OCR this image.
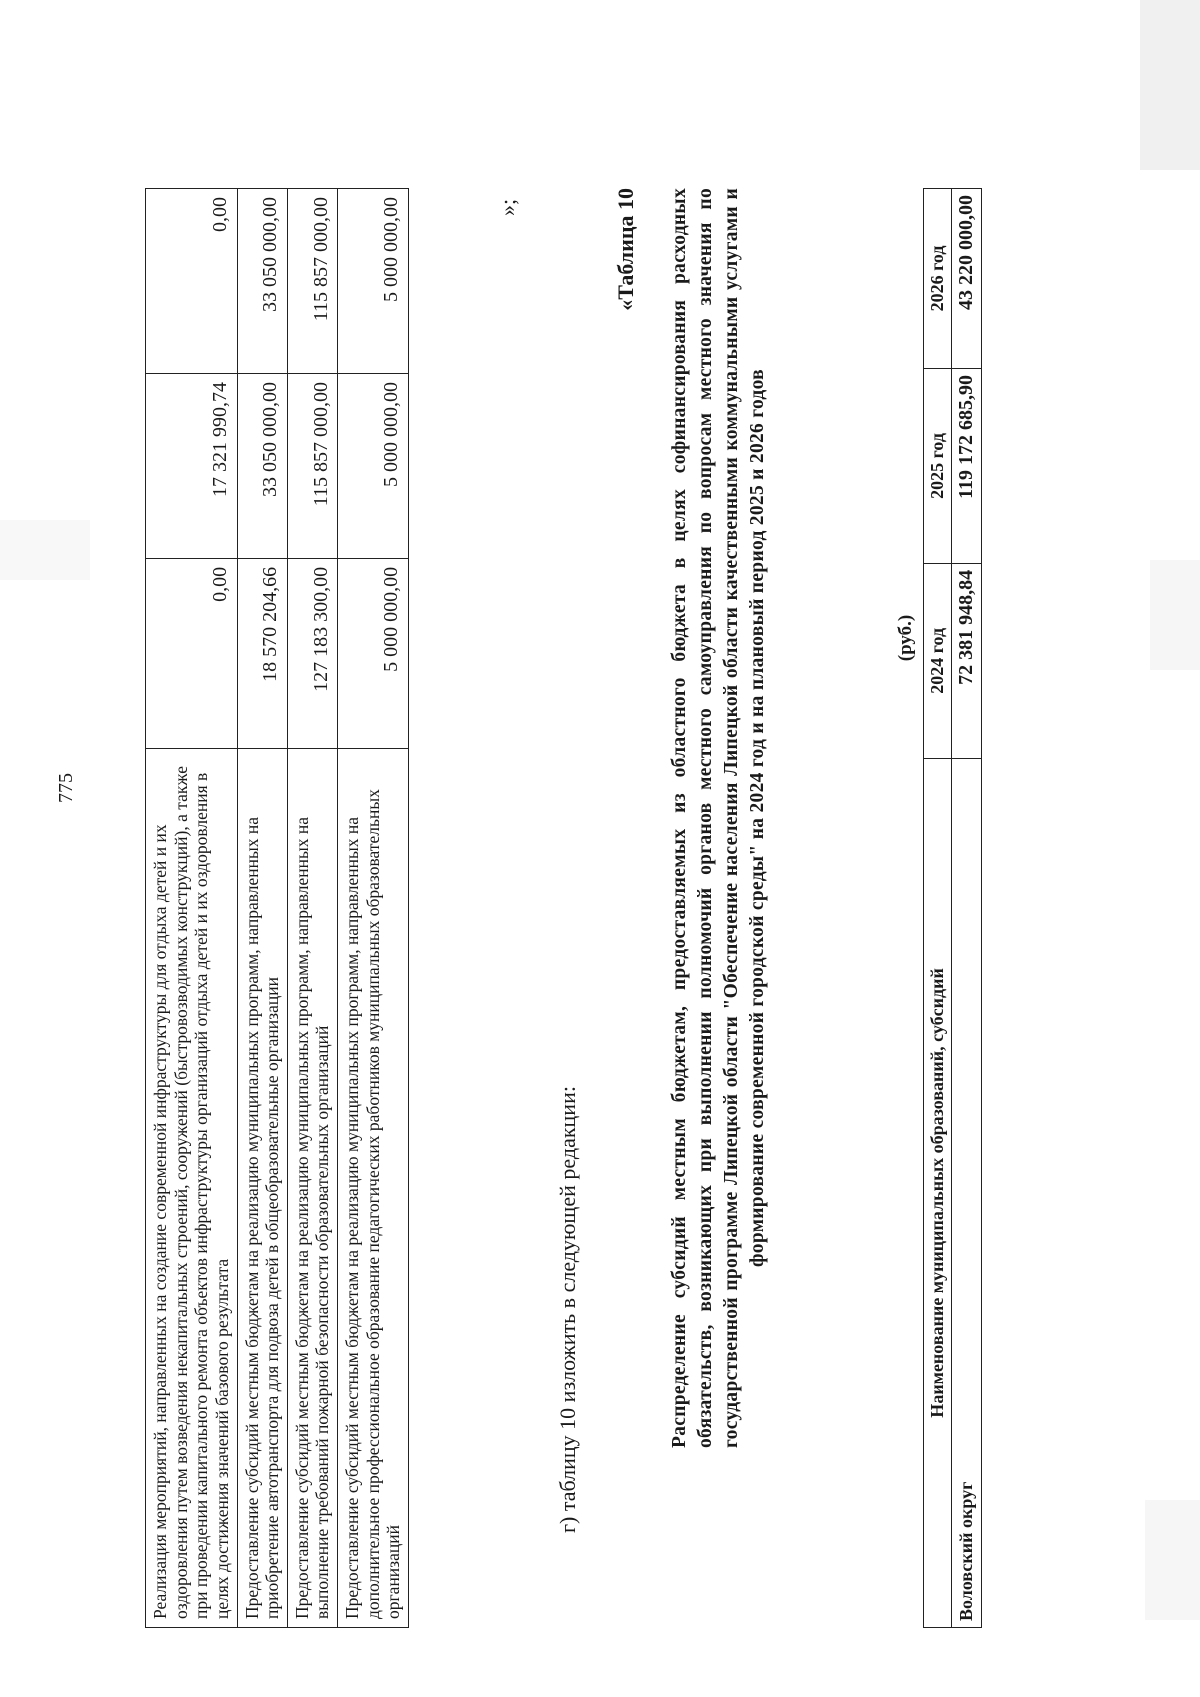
775
Реализация мероприятий, направленных на создание современной инфраструктуры для отдыха детей и их оздоровления путем возведения некапитальных строений, сооружений (быстровозводимых конструкций), а также при проведении капитального ремонта объектов инфраструктуры организаций отдыха детей и их оздоровления в целях достижения значений базового результата	0,00	17 321 990,74	0,00
Предоставление субсидий местным бюджетам на реализацию муниципальных программ, направленных на приобретение автотранспорта для подвоза детей в общеобразовательные организации	18 570 204,66	33 050 000,00	33 050 000,00
Предоставление субсидий местным бюджетам на реализацию муниципальных программ, направленных на выполнение требований пожарной безопасности образовательных организаций	127 183 300,00	115 857 000,00	115 857 000,00
Предоставление субсидий местным бюджетам на реализацию муниципальных программ, направленных на дополнительное профессиональное образование педагогических работников муниципальных образовательных организаций	5 000 000,00	5 000 000,00	5 000 000,00	»;
г) таблицу 10 изложить в следующей редакции:
«Таблица 10 Распределение субсидий местным бюджетам, предоставляемых из областного бюджета в целях софинансирования расходных обязательств, возникающих при выполнении полномочий органов местного самоуправления по вопросам местного значения по государственной программе Липецкой области "Обеспечение населения Липецкой области качественными коммунальными услугами и формирование современной городской среды" на 2024 год и на плановый период 2025 и 2026 годов	(руб.)
Наименование муниципальных образований, субсидий	2024 год	2025 год	2026 год
Воловский округ	72 381 948,84	119 172 685,90	43 220 000,00
